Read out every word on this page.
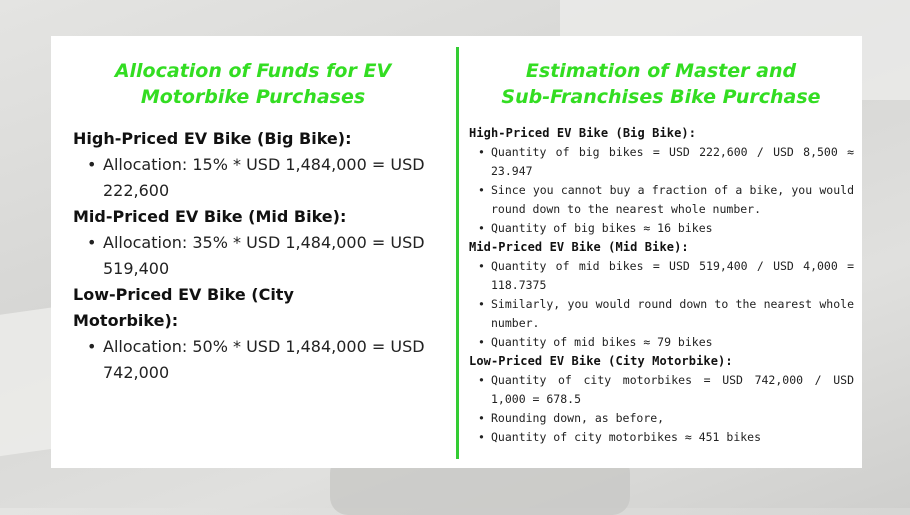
Allocation of Funds for EV
Motorbike Purchases

High-Priced EV Bike (Big Bike):

• Allocation: 15% * USD 1,484,000 = USD 222,600

Mid-Priced EV Bike (Mid Bike):

• Allocation: 35% * USD 1,484,000 = USD 519,400

Low-Priced EV Bike (City Motorbike):

• Allocation: 50% * USD 1,484,000 = USD 742,000
Estimation of Master and
Sub-Franchises Bike Purchase

High-Priced EV Bike (Big Bike):

• Quantity of big bikes = USD 222,600 / USD 8,500 ≈ 23.947
• Since you cannot buy a fraction of a bike, you would round down to the nearest whole number.
• Quantity of big bikes ≈ 16 bikes

Mid-Priced EV Bike (Mid Bike):

• Quantity of mid bikes = USD 519,400 / USD 4,000 = 118.7375
• Similarly, you would round down to the nearest whole number.
• Quantity of mid bikes ≈ 79 bikes

Low-Priced EV Bike (City Motorbike):

• Quantity of city motorbikes = USD 742,000 / USD 1,000 = 678.5
• Rounding down, as before,
• Quantity of city motorbikes ≈ 451 bikes
